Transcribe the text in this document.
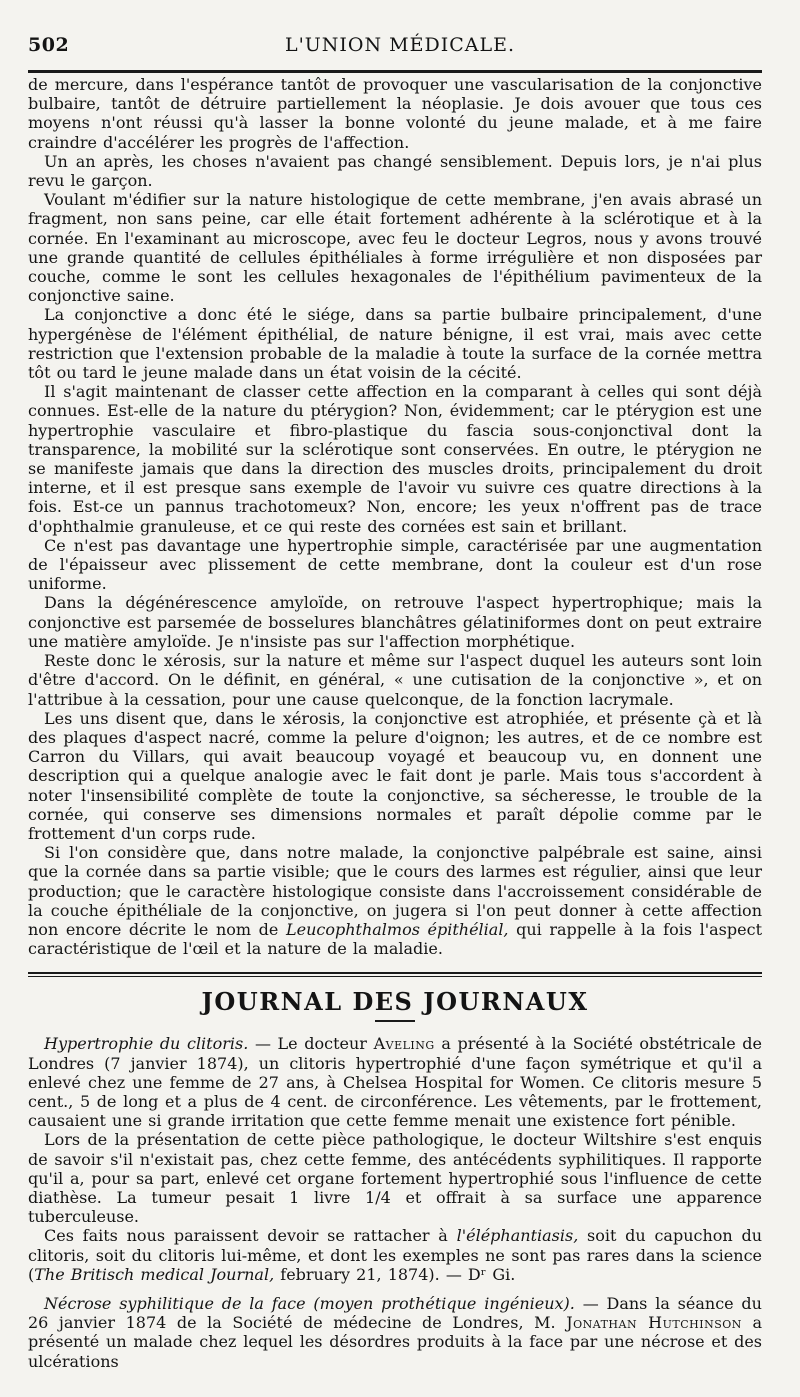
502	L'UNION MÉDICALE.

de mercure, dans l'espérance tantôt de provoquer une vascularisation de la conjonctive bulbaire, tantôt de détruire partiellement la néoplasie. Je dois avouer que tous ces moyens n'ont réussi qu'à lasser la bonne volonté du jeune malade, et à me faire craindre d'accélérer les progrès de l'affection.

Un an après, les choses n'avaient pas changé sensiblement. Depuis lors, je n'ai plus revu le garçon.

Voulant m'édifier sur la nature histologique de cette membrane, j'en avais abrasé un fragment, non sans peine, car elle était fortement adhérente à la sclérotique et à la cornée. En l'examinant au microscope, avec feu le docteur Legros, nous y avons trouvé une grande quantité de cellules épithéliales à forme irrégulière et non disposées par couche, comme le sont les cellules hexagonales de l'épithélium pavimenteux de la conjonctive saine.

La conjonctive a donc été le siége, dans sa partie bulbaire principalement, d'une hypergénèse de l'élément épithélial, de nature bénigne, il est vrai, mais avec cette restriction que l'extension probable de la maladie à toute la surface de la cornée mettra tôt ou tard le jeune malade dans un état voisin de la cécité.

Il s'agit maintenant de classer cette affection en la comparant à celles qui sont déjà connues. Est-elle de la nature du ptérygion? Non, évidemment; car le ptérygion est une hypertrophie vasculaire et fibro-plastique du fascia sous-conjonctival dont la transparence, la mobilité sur la sclérotique sont conservées. En outre, le ptérygion ne se manifeste jamais que dans la direction des muscles droits, principalement du droit interne, et il est presque sans exemple de l'avoir vu suivre ces quatre directions à la fois. Est-ce un pannus trachotomeux? Non, encore; les yeux n'offrent pas de trace d'ophthalmie granuleuse, et ce qui reste des cornées est sain et brillant.

Ce n'est pas davantage une hypertrophie simple, caractérisée par une augmentation de l'épaisseur avec plissement de cette membrane, dont la couleur est d'un rose uniforme.

Dans la dégénérescence amyloïde, on retrouve l'aspect hypertrophique; mais la conjonctive est parsemée de bosselures blanchâtres gélatiniformes dont on peut extraire une matière amyloïde. Je n'insiste pas sur l'affection morphétique.

Reste donc le xérosis, sur la nature et même sur l'aspect duquel les auteurs sont loin d'être d'accord. On le définit, en général, « une cutisation de la conjonctive », et on l'attribue à la cessation, pour une cause quelconque, de la fonction lacrymale.

Les uns disent que, dans le xérosis, la conjonctive est atrophiée, et présente çà et là des plaques d'aspect nacré, comme la pelure d'oignon; les autres, et de ce nombre est Carron du Villars, qui avait beaucoup voyagé et beaucoup vu, en donnent une description qui a quelque analogie avec le fait dont je parle. Mais tous s'accordent à noter l'insensibilité complète de toute la conjonctive, sa sécheresse, le trouble de la cornée, qui conserve ses dimensions normales et paraît dépolie comme par le frottement d'un corps rude.

Si l'on considère que, dans notre malade, la conjonctive palpébrale est saine, ainsi que la cornée dans sa partie visible; que le cours des larmes est régulier, ainsi que leur production; que le caractère histologique consiste dans l'accroissement considérable de la couche épithéliale de la conjonctive, on jugera si l'on peut donner à cette affection non encore décrite le nom de Leucophthalmos épithélial, qui rappelle à la fois l'aspect caractéristique de l'œil et la nature de la maladie.

JOURNAL DES JOURNAUX

Hypertrophie du clitoris. — Le docteur Aveling a présenté à la Société obstétricale de Londres (7 janvier 1874), un clitoris hypertrophié d'une façon symétrique et qu'il a enlevé chez une femme de 27 ans, à Chelsea Hospital for Women. Ce clitoris mesure 5 cent., 5 de long et a plus de 4 cent. de circonférence. Les vêtements, par le frottement, causaient une si grande irritation que cette femme menait une existence fort pénible.

Lors de la présentation de cette pièce pathologique, le docteur Wiltshire s'est enquis de savoir s'il n'existait pas, chez cette femme, des antécédents syphilitiques. Il rapporte qu'il a, pour sa part, enlevé cet organe fortement hypertrophié sous l'influence de cette diathèse. La tumeur pesait 1 livre 1/4 et offrait à sa surface une apparence tuberculeuse.

Ces faits nous paraissent devoir se rattacher à l'éléphantiasis, soit du capuchon du clitoris, soit du clitoris lui-même, et dont les exemples ne sont pas rares dans la science (The Britisch medical Journal, february 21, 1874). — Dʳ Gi.

Nécrose syphilitique de la face (moyen prothétique ingénieux). — Dans la séance du 26 janvier 1874 de la Société de médecine de Londres, M. Jonathan Hutchinson a présenté un malade chez lequel les désordres produits à la face par une nécrose et des ulcérations
